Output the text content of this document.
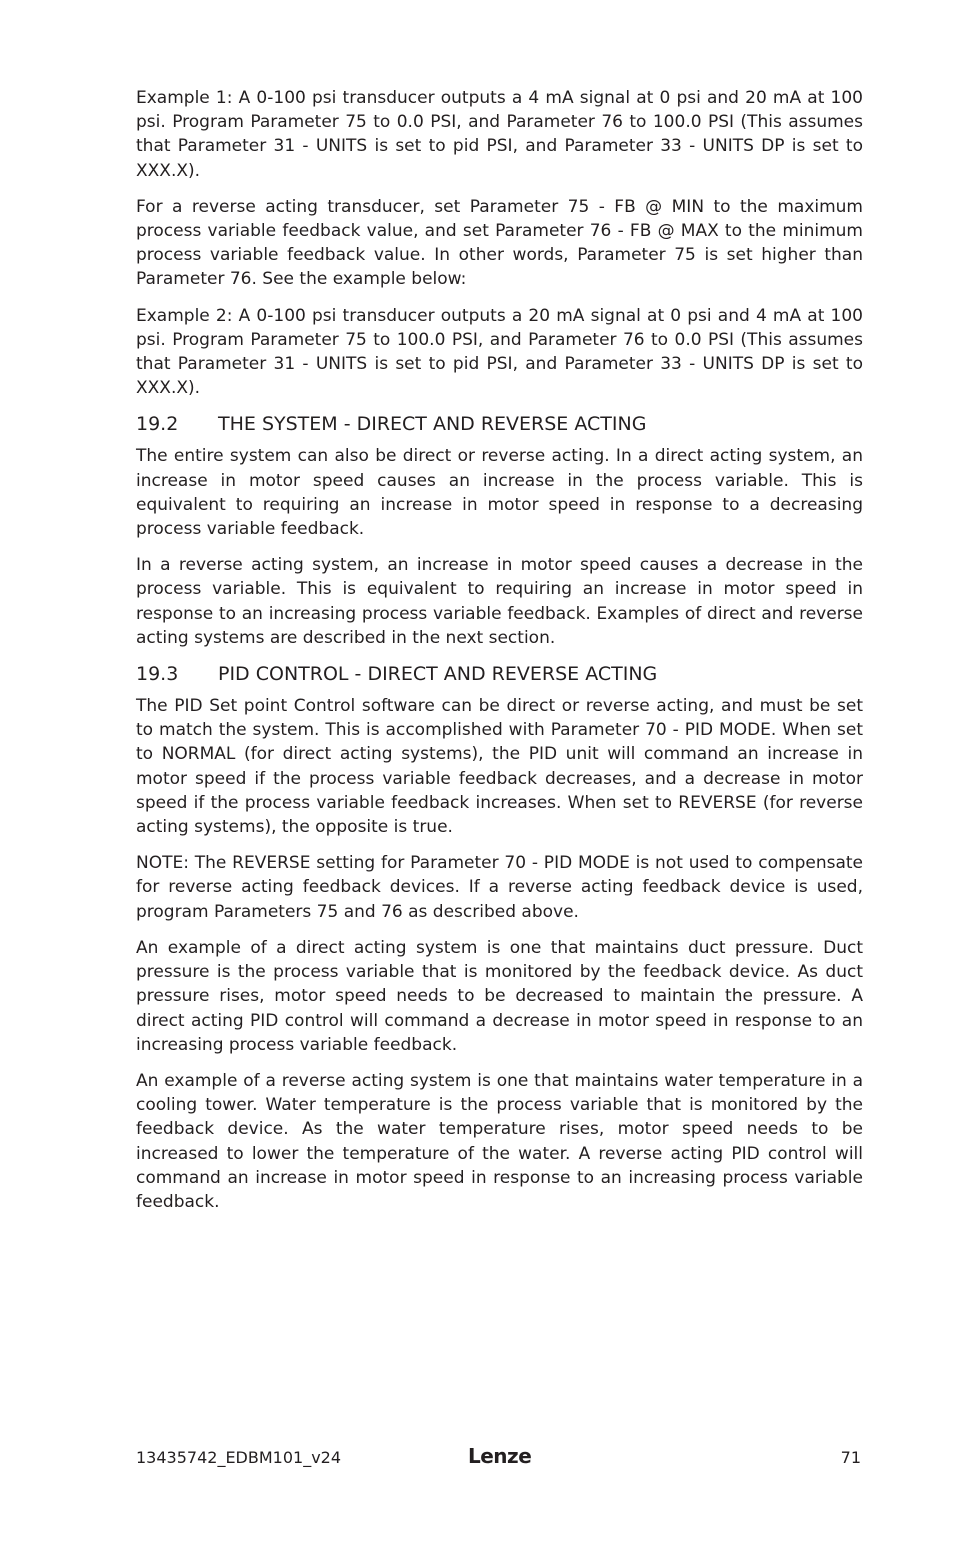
Example 1: A 0-100 psi transducer outputs a 4 mA signal at 0 psi and 20 mA at 100 psi. Program Parameter 75 to 0.0 PSI, and Parameter 76 to 100.0 PSI (This assumes that Parameter 31 - UNITS is set to pid PSI, and Parameter 33 - UNITS DP is set to XXX.X).

For a reverse acting transducer, set Parameter 75 - FB @ MIN to the maximum process variable feedback value, and set Parameter 76 - FB @ MAX to the minimum process variable feedback value. In other words, Parameter 75 is set higher than Parameter 76. See the example below:

Example 2: A 0-100 psi transducer outputs a 20 mA signal at 0 psi and 4 mA at 100 psi. Program Parameter 75 to 100.0 PSI, and Parameter 76 to 0.0 PSI (This assumes that Parameter 31 - UNITS is set to pid PSI, and Parameter 33 - UNITS DP is set to XXX.X).

19.2	THE SYSTEM - DIRECT AND REVERSE ACTING

The entire system can also be direct or reverse acting. In a direct acting system, an increase in motor speed causes an increase in the process variable. This is equivalent to requiring an increase in motor speed in response to a decreasing process variable feedback.

In a reverse acting system, an increase in motor speed causes a decrease in the process variable. This is equivalent to requiring an increase in motor speed in response to an increasing process variable feedback. Examples of direct and reverse acting systems are described in the next section.

19.3	PID CONTROL - DIRECT AND REVERSE ACTING

The PID Set point Control software can be direct or reverse acting, and must be set to match the system. This is accomplished with Parameter 70 - PID MODE. When set to NORMAL (for direct acting systems), the PID unit will command an increase in motor speed if the process variable feedback decreases, and a decrease in motor speed if the process variable feedback increases. When set to REVERSE (for reverse acting systems), the opposite is true.

NOTE: The REVERSE setting for Parameter 70 - PID MODE is not used to compensate for reverse acting feedback devices. If a reverse acting feedback device is used, program Parameters 75 and 76 as described above.

An example of a direct acting system is one that maintains duct pressure. Duct pressure is the process variable that is monitored by the feedback device. As duct pressure rises, motor speed needs to be decreased to maintain the pressure. A direct acting PID control will command a decrease in motor speed in response to an increasing process variable feedback.

An example of a reverse acting system is one that maintains water temperature in a cooling tower. Water temperature is the process variable that is monitored by the feedback device. As the water temperature rises, motor speed needs to be increased to lower the temperature of the water. A reverse acting PID control will command an increase in motor speed in response to an increasing process variable feedback.

13435742_EDBM101_v24	Lenze	71
